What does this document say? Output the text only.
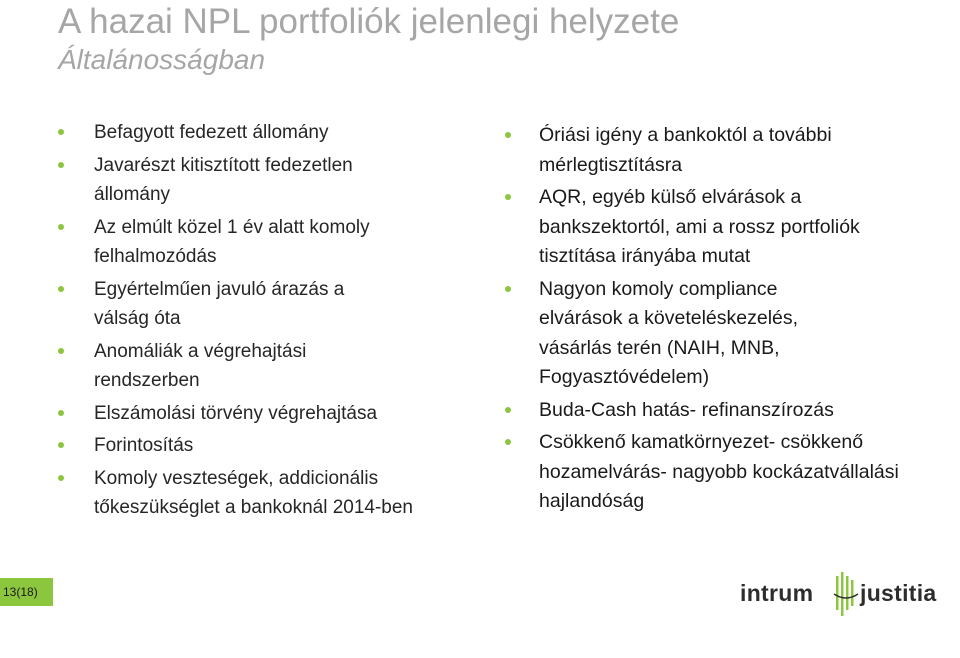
A hazai NPL portfoliók jelenlegi helyzete
Általánosságban
Befagyott fedezett állomány
Javarészt kitisztított fedezetlen állomány
Az elmúlt közel 1 év alatt komoly felhalmozódás
Egyértelműen javuló árazás a válság óta
Anomáliák a végrehajtási rendszerben
Elszámolási törvény végrehajtása
Forintosítás
Komoly veszteségek, addicionális tőkeszükséglet a bankoknál 2014-ben
Óriási igény a bankoktól a további mérlegtisztításra
AQR, egyéb külső elvárások a bankszektortól, ami a rossz portfoliók tisztítása irányába mutat
Nagyon komoly compliance elvárások a követeléskezelés, vásárlás terén (NAIH, MNB, Fogyasztóvédelem)
Buda-Cash hatás- refinanszírozás
Csökkenő kamatkörnyezet- csökkenő hozamelvárás- nagyobb kockázatvállalási hajlandóság
13(18)	intrum justitia
